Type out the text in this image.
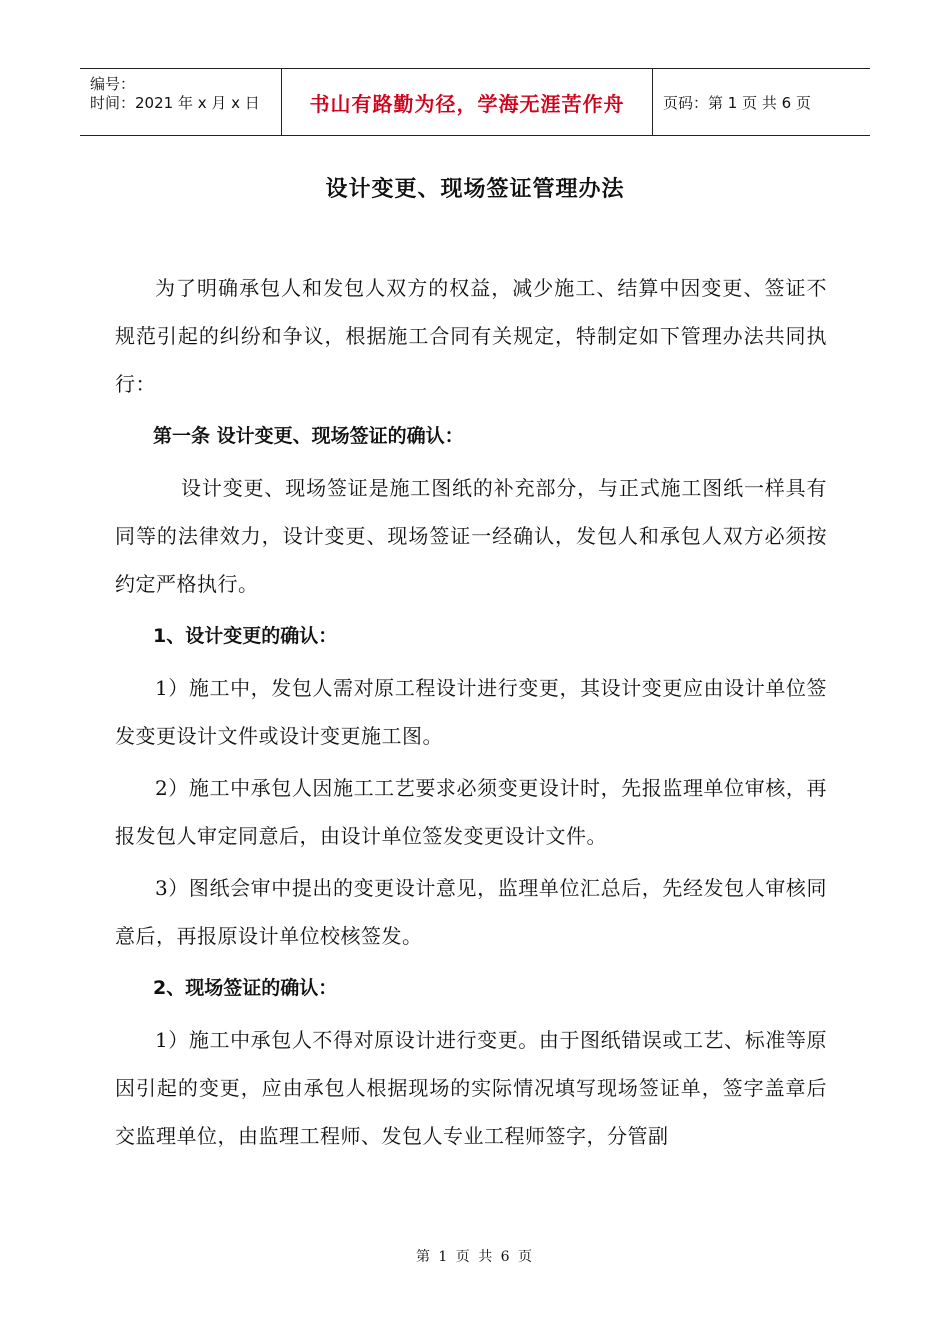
编号：
时间：2021 年 x 月 x 日	书山有路勤为径，学海无涯苦作舟	页码：第 1 页 共 6 页
设计变更、现场签证管理办法

为了明确承包人和发包人双方的权益，减少施工、结算中因变更、签证不规范引起的纠纷和争议，根据施工合同有关规定，特制定如下管理办法共同执行：

第一条 设计变更、现场签证的确认：

设计变更、现场签证是施工图纸的补充部分，与正式施工图纸一样具有同等的法律效力，设计变更、现场签证一经确认，发包人和承包人双方必须按约定严格执行。

1、设计变更的确认：

1）施工中，发包人需对原工程设计进行变更，其设计变更应由设计单位签发变更设计文件或设计变更施工图。

2）施工中承包人因施工工艺要求必须变更设计时，先报监理单位审核，再报发包人审定同意后，由设计单位签发变更设计文件。

3）图纸会审中提出的变更设计意见，监理单位汇总后，先经发包人审核同意后，再报原设计单位校核签发。

2、现场签证的确认：

1）施工中承包人不得对原设计进行变更。由于图纸错误或工艺、标准等原因引起的变更，应由承包人根据现场的实际情况填写现场签证单，签字盖章后交监理单位，由监理工程师、发包人专业工程师签字，分管副

第 1 页 共 6 页
